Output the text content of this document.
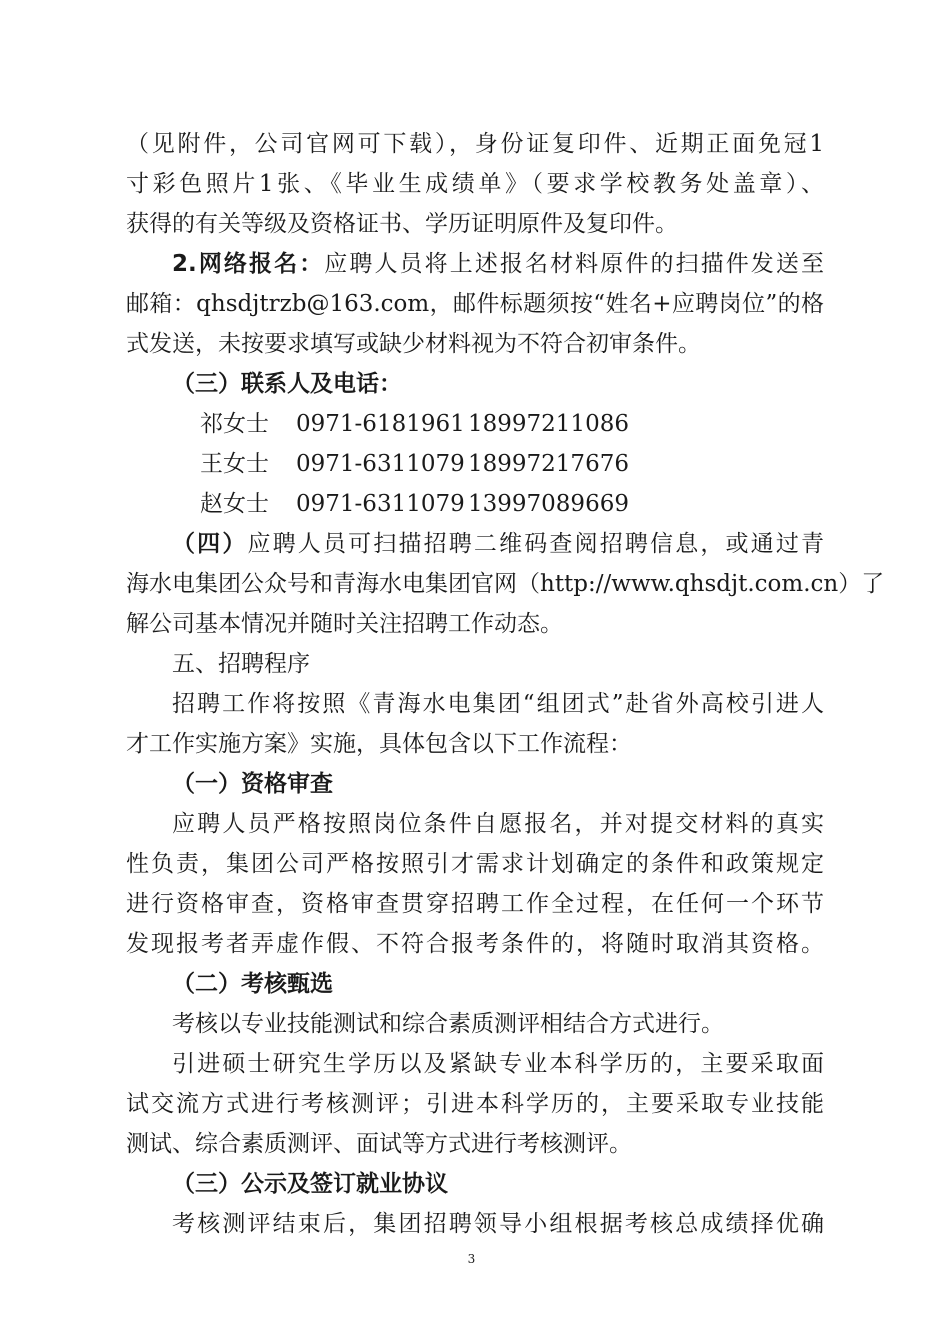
（见附件，公司官网可下载），身份证复印件、近期正面免冠1
寸彩色照片1张、《毕业生成绩单》（要求学校教务处盖章）、
获得的有关等级及资格证书、学历证明原件及复印件。
2.网络报名：应聘人员将上述报名材料原件的扫描件发送至
邮箱：qhsdjtrzb@163.com，邮件标题须按“姓名+应聘岗位”的格
式发送，未按要求填写或缺少材料视为不符合初审条件。
（三）联系人及电话：
祁女士 0971-6181961 18997211086
王女士 0971-6311079 18997217676
赵女士 0971-6311079 13997089669
（四）应聘人员可扫描招聘二维码查阅招聘信息，或通过青
海水电集团公众号和青海水电集团官网（http://www.qhsdjt.com.cn）了
解公司基本情况并随时关注招聘工作动态。
五、招聘程序
招聘工作将按照《青海水电集团“组团式”赴省外高校引进人
才工作实施方案》实施，具体包含以下工作流程：
（一）资格审查
应聘人员严格按照岗位条件自愿报名，并对提交材料的真实
性负责，集团公司严格按照引才需求计划确定的条件和政策规定
进行资格审查，资格审查贯穿招聘工作全过程，在任何一个环节
发现报考者弄虚作假、不符合报考条件的，将随时取消其资格。
（二）考核甄选
考核以专业技能测试和综合素质测评相结合方式进行。
引进硕士研究生学历以及紧缺专业本科学历的，主要采取面
试交流方式进行考核测评；引进本科学历的，主要采取专业技能
测试、综合素质测评、面试等方式进行考核测评。
（三）公示及签订就业协议
考核测评结束后，集团招聘领导小组根据考核总成绩择优确
3
